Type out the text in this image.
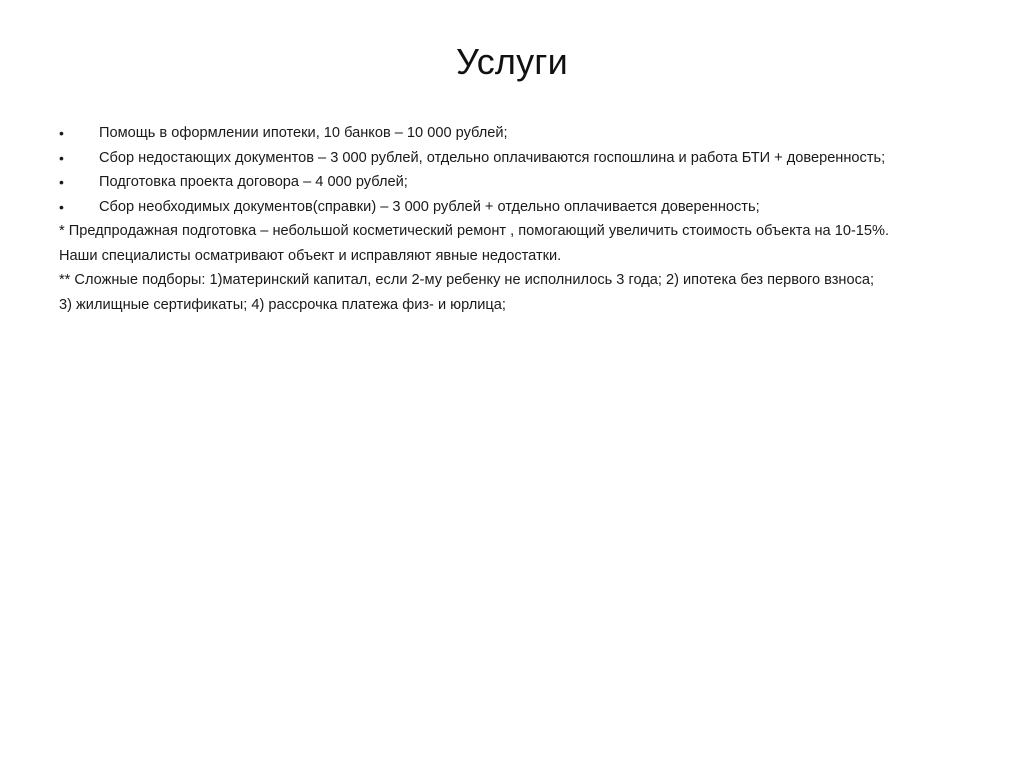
Услуги
•	Помощь в оформлении ипотеки, 10 банков – 10 000 рублей;
•	Сбор недостающих документов – 3 000 рублей, отдельно оплачиваются госпошлина и работа БТИ + доверенность;
•	Подготовка проекта договора – 4 000 рублей;
•	Сбор необходимых документов(справки) – 3 000 рублей + отдельно оплачивается доверенность;
* Предпродажная подготовка – небольшой косметический ремонт , помогающий увеличить стоимость объекта на 10-15%.
Наши специалисты осматривают объект и исправляют явные недостатки.
** Сложные подборы: 1)материнский капитал, если 2-му ребенку не исполнилось 3 года; 2) ипотека без первого взноса;
3) жилищные сертификаты; 4) рассрочка платежа физ- и юрлица;
